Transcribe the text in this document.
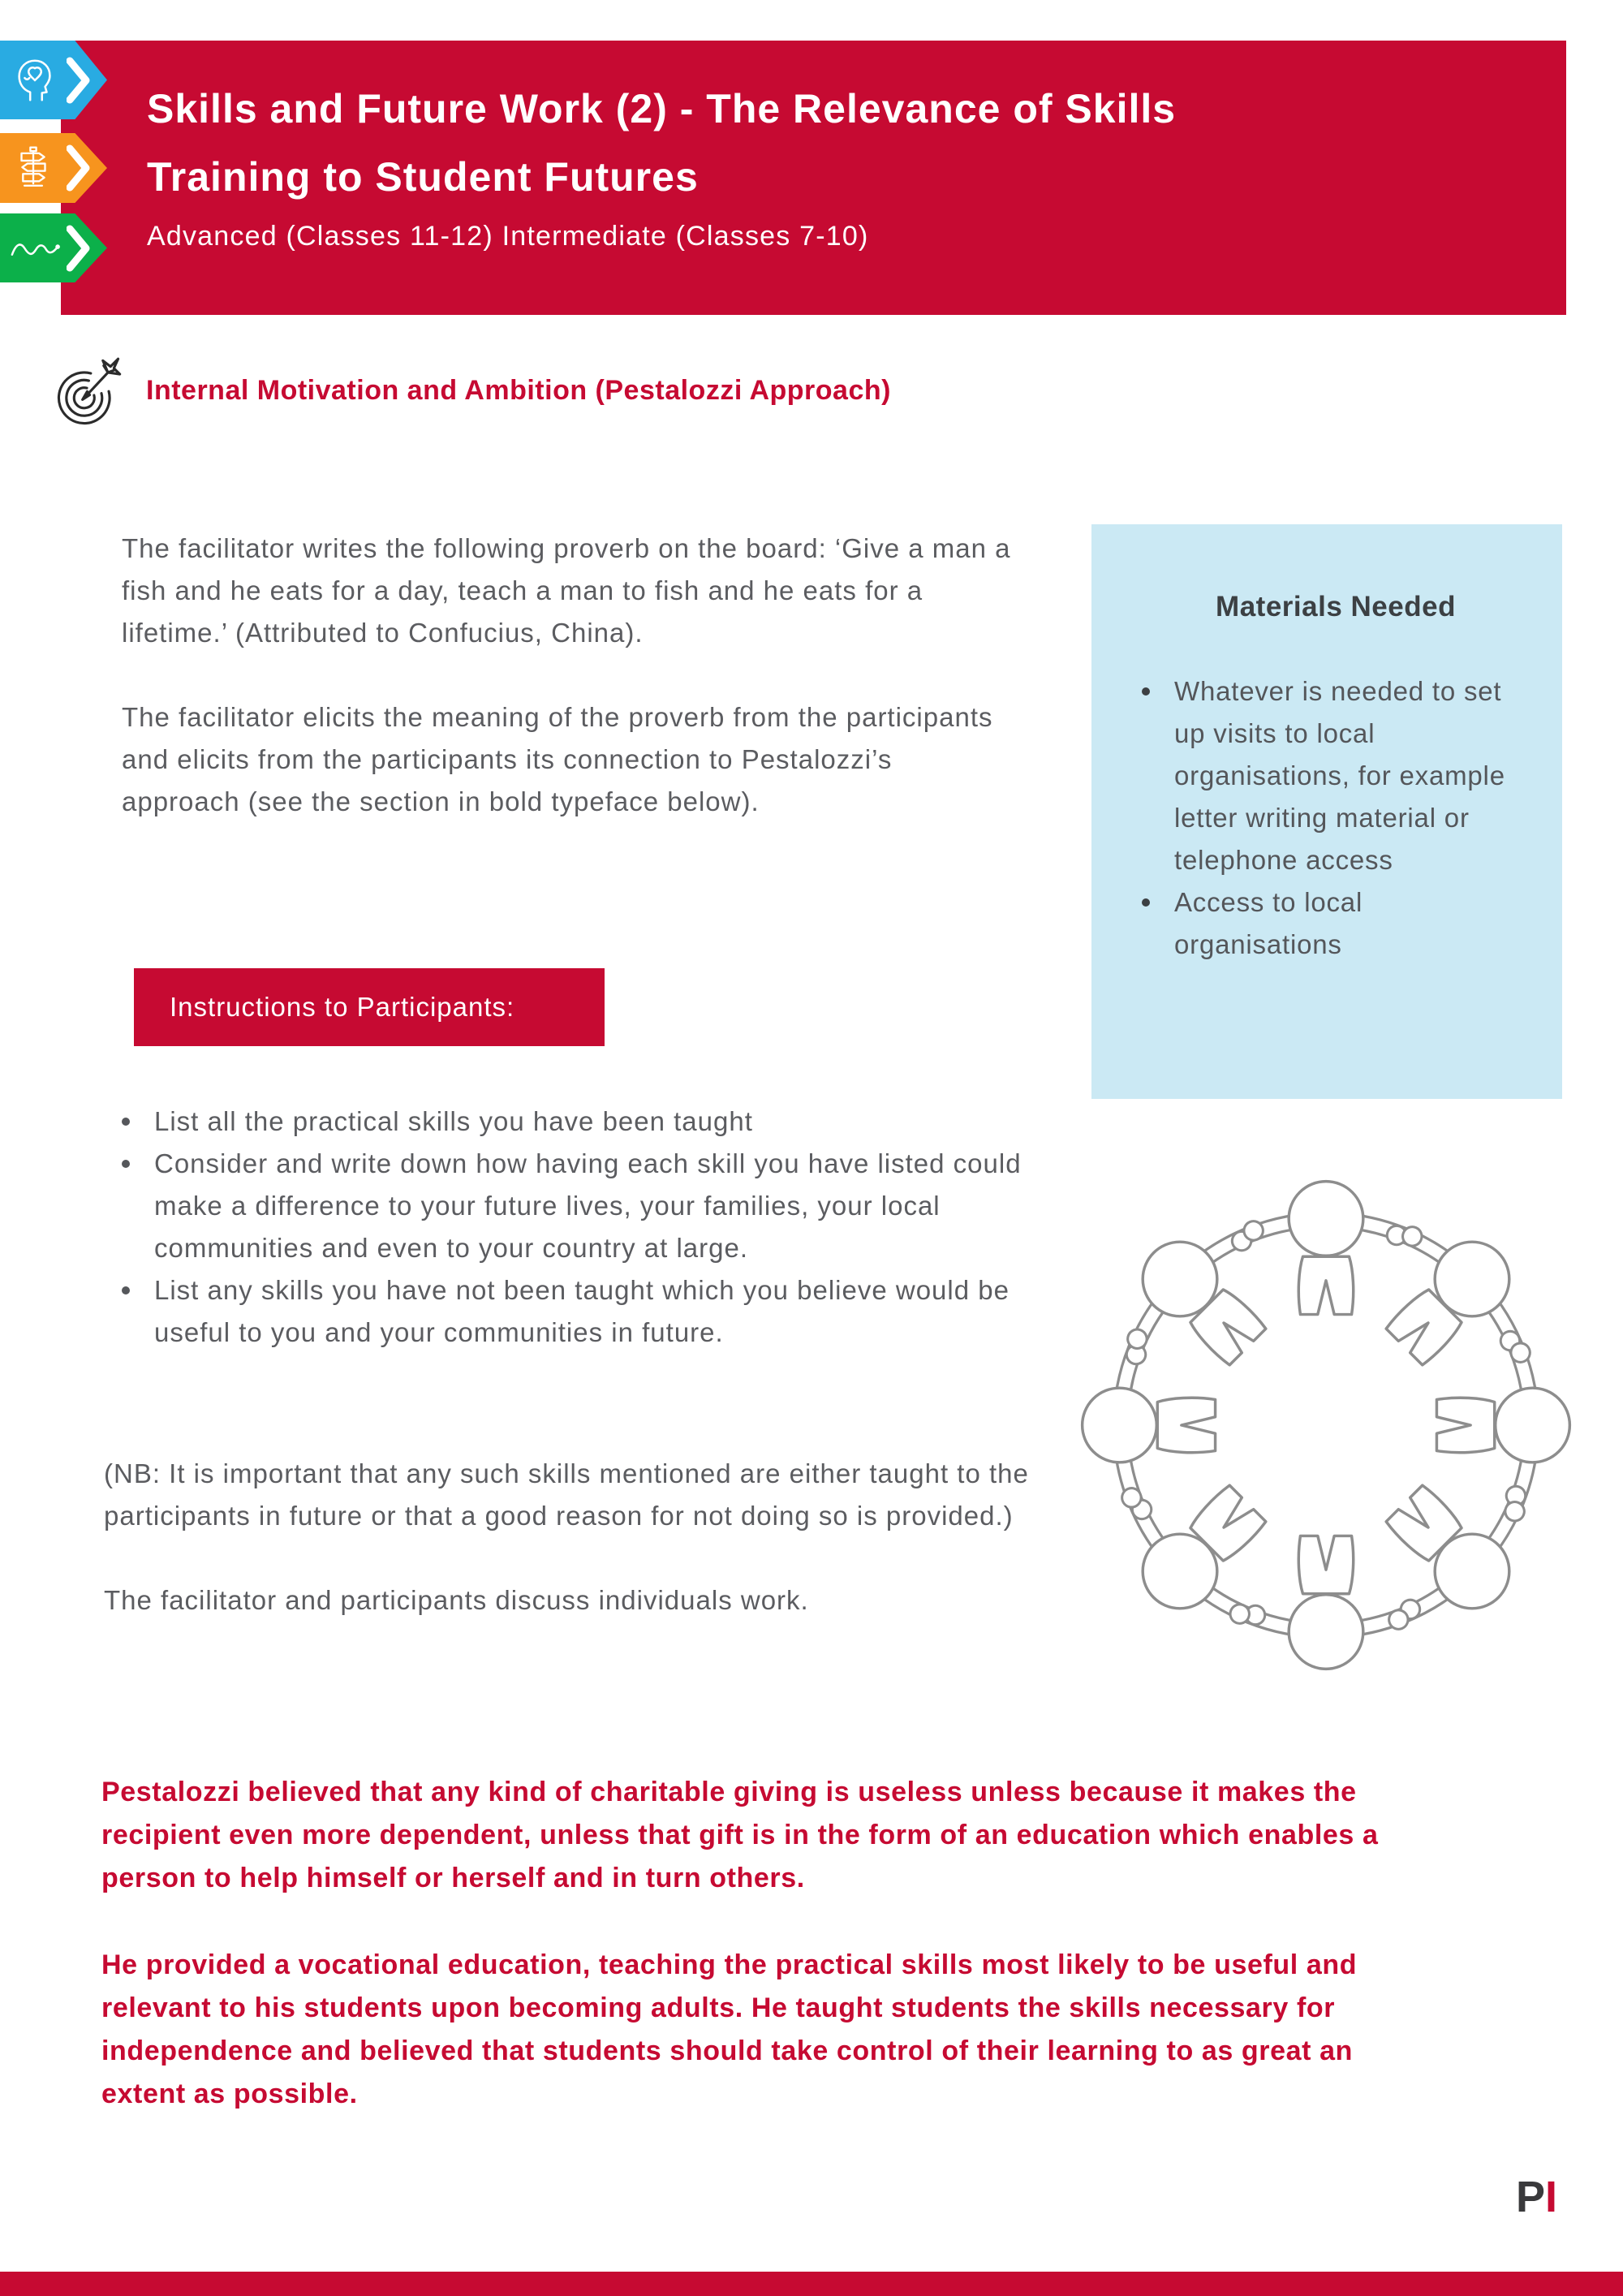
Skills and Future Work (2) - The Relevance of Skills
Training to Student Futures
Advanced (Classes 11-12) Intermediate (Classes 7-10)
Internal Motivation and Ambition (Pestalozzi Approach)
The facilitator writes the following proverb on the board: ‘Give a man a fish and he eats for a day, teach a man to fish and he eats for a lifetime.’ (Attributed to Confucius, China).
The facilitator elicits the meaning of the proverb from the participants and elicits from the participants its connection to Pestalozzi’s approach (see the section in bold typeface below).
Materials Needed
Whatever is needed to set up visits to local organisations, for example letter writing material or telephone access
Access to local organisations
Instructions to Participants:
List all the practical skills you have been taught
Consider and write down how having each skill you have listed could make a difference to your future lives, your families, your local communities and even to your country at large.
List any skills you have not been taught which you believe would be useful to you and your communities in future.
(NB: It is important that any such skills mentioned are either taught to the participants in future or that a good reason for not doing so is provided.)
The facilitator and participants discuss individuals work.
Pestalozzi believed that any kind of charitable giving is useless unless because it makes the recipient even more dependent, unless that gift is in the form of an education which enables a person to help himself or herself and in turn others.
He provided a vocational education, teaching the practical skills most likely to be useful and relevant to his students upon becoming adults. He taught students the skills necessary for independence and believed that students should take control of their learning to as great an extent as possible.
PI
